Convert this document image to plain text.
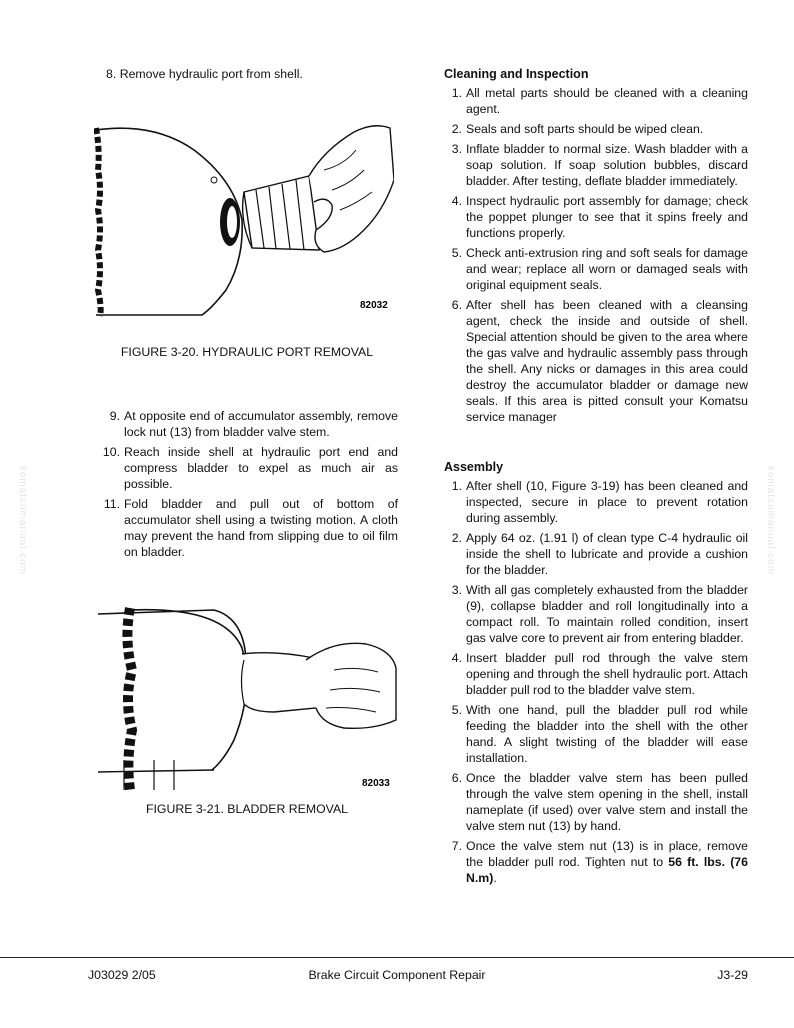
komatsumanual.com	komatsumanual.com
8. Remove hydraulic port from shell.
82032
FIGURE 3-20. HYDRAULIC PORT REMOVAL
9. At opposite end of accumulator assembly, remove lock nut (13) from bladder valve stem.
10. Reach inside shell at hydraulic port end and compress bladder to expel as much air as possible.
11. Fold bladder and pull out of bottom of accumulator shell using a twisting motion. A cloth may prevent the hand from slipping due to oil film on bladder.
82033
FIGURE 3-21. BLADDER REMOVAL
Cleaning and Inspection
1. All metal parts should be cleaned with a cleaning agent.
2. Seals and soft parts should be wiped clean.
3. Inflate bladder to normal size. Wash bladder with a soap solution. If soap solution bubbles, discard bladder. After testing, deflate bladder immediately.
4. Inspect hydraulic port assembly for damage; check the poppet plunger to see that it spins freely and functions properly.
5. Check anti-extrusion ring and soft seals for damage and wear; replace all worn or damaged seals with original equipment seals.
6. After shell has been cleaned with a cleansing agent, check the inside and outside of shell. Special attention should be given to the area where the gas valve and hydraulic assembly pass through the shell. Any nicks or damages in this area could destroy the accumulator bladder or damage new seals. If this area is pitted consult your Komatsu service manager
Assembly
1. After shell (10, Figure 3-19) has been cleaned and inspected, secure in place to prevent rotation during assembly.
2. Apply 64 oz. (1.91 l) of clean type C-4 hydraulic oil inside the shell to lubricate and provide a cushion for the bladder.
3. With all gas completely exhausted from the bladder (9), collapse bladder and roll longitudinally into a compact roll. To maintain rolled condition, insert gas valve core to prevent air from entering bladder.
4. Insert bladder pull rod through the valve stem opening and through the shell hydraulic port. Attach bladder pull rod to the bladder valve stem.
5. With one hand, pull the bladder pull rod while feeding the bladder into the shell with the other hand. A slight twisting of the bladder will ease installation.
6. Once the bladder valve stem has been pulled through the valve stem opening in the shell, install nameplate (if used) over valve stem and install the valve stem nut (13) by hand.
7. Once the valve stem nut (13) is in place, remove the bladder pull rod. Tighten nut to 56 ft. lbs. (76 N.m).
J03029 2/05	Brake Circuit Component Repair	J3-29
